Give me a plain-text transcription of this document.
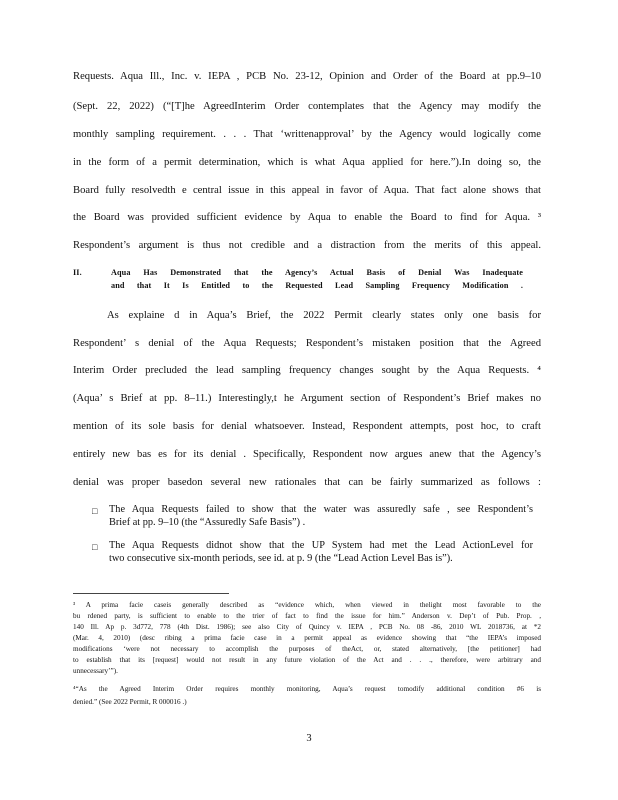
Requests. Aqua Ill., Inc. v. IEPA , PCB No. 23-12, Opinion and Order of the Board at pp.9–10
(Sept. 22, 2022) (“[T]he AgreedInterim Order contemplates that the Agency may modify the
monthly sampling requirement. . . . That ‘writtenapproval’ by the Agency would logically come
in the form of a permit determination, which is what Aqua applied for here.”).In doing so, the
Board fully resolvedth e central issue in this appeal in favor of Aqua. That fact alone shows that
the Board was provided sufficient evidence by Aqua to enable the Board to find for Aqua. ³
Respondent’s argument is thus not credible and a distraction from the merits of this appeal.
II.	Aqua Has Demonstrated that the Agency’s Actual Basis of Denial Was Inadequate
and that It Is Entitled to the Requested Lead Sampling Frequency Modification .
As explaine d in Aqua’s Brief, the 2022 Permit clearly states only one basis for
Respondent’ s denial of the Aqua Requests; Respondent’s mistaken position that the Agreed
Interim Order precluded the lead sampling frequency changes sought by the Aqua Requests. ⁴
(Aqua’ s Brief at pp. 8–11.) Interestingly,t he Argument section of Respondent’s Brief makes no
mention of its sole basis for denial whatsoever. Instead, Respondent attempts, post hoc, to craft
entirely new bas es for its denial . Specifically, Respondent now argues anew that the Agency’s
denial was proper basedon several new rationales that can be fairly summarized as follows :
□ The Aqua Requests failed to show that the water was assuredly safe , see Respondent’s
Brief at pp. 9–10 (the “Assuredly Safe Basis”) .
□ The Aqua Requests didnot show that the UP System had met the Lead ActionLevel for
two consecutive six-month periods, see id. at p. 9 (the “Lead Action Level Bas is”).
³ A prima facie caseis generally described as “evidence which, when viewed in thelight most favorable to the
bu rdened party, is sufficient to enable to the trier of fact to find the issue for him.” Anderson v. Dep’t of Pub. Prop. ,
140 Ill. Ap p. 3d772, 778 (4th Dist. 1986); see also City of Quincy v. IEPA , PCB No. 08 -86, 2010 WL 2018736, at *2
(Mar. 4, 2010) (desc ribing a prima facie case in a permit appeal as evidence showing that “the IEPA’s imposed
modifications ‘were not necessary to accomplish the purposes of theAct, or, stated alternatively, [the petitioner] had
to establish that its [request] would not result in any future violation of the Act and . . ., therefore, were arbitrary and
unnecessary’”).
⁴“As the Agreed Interim Order requires monthly monitoring, Aqua’s request tomodify additional condition #6 is
denied.” (See 2022 Permit, R 000016 .)
3
